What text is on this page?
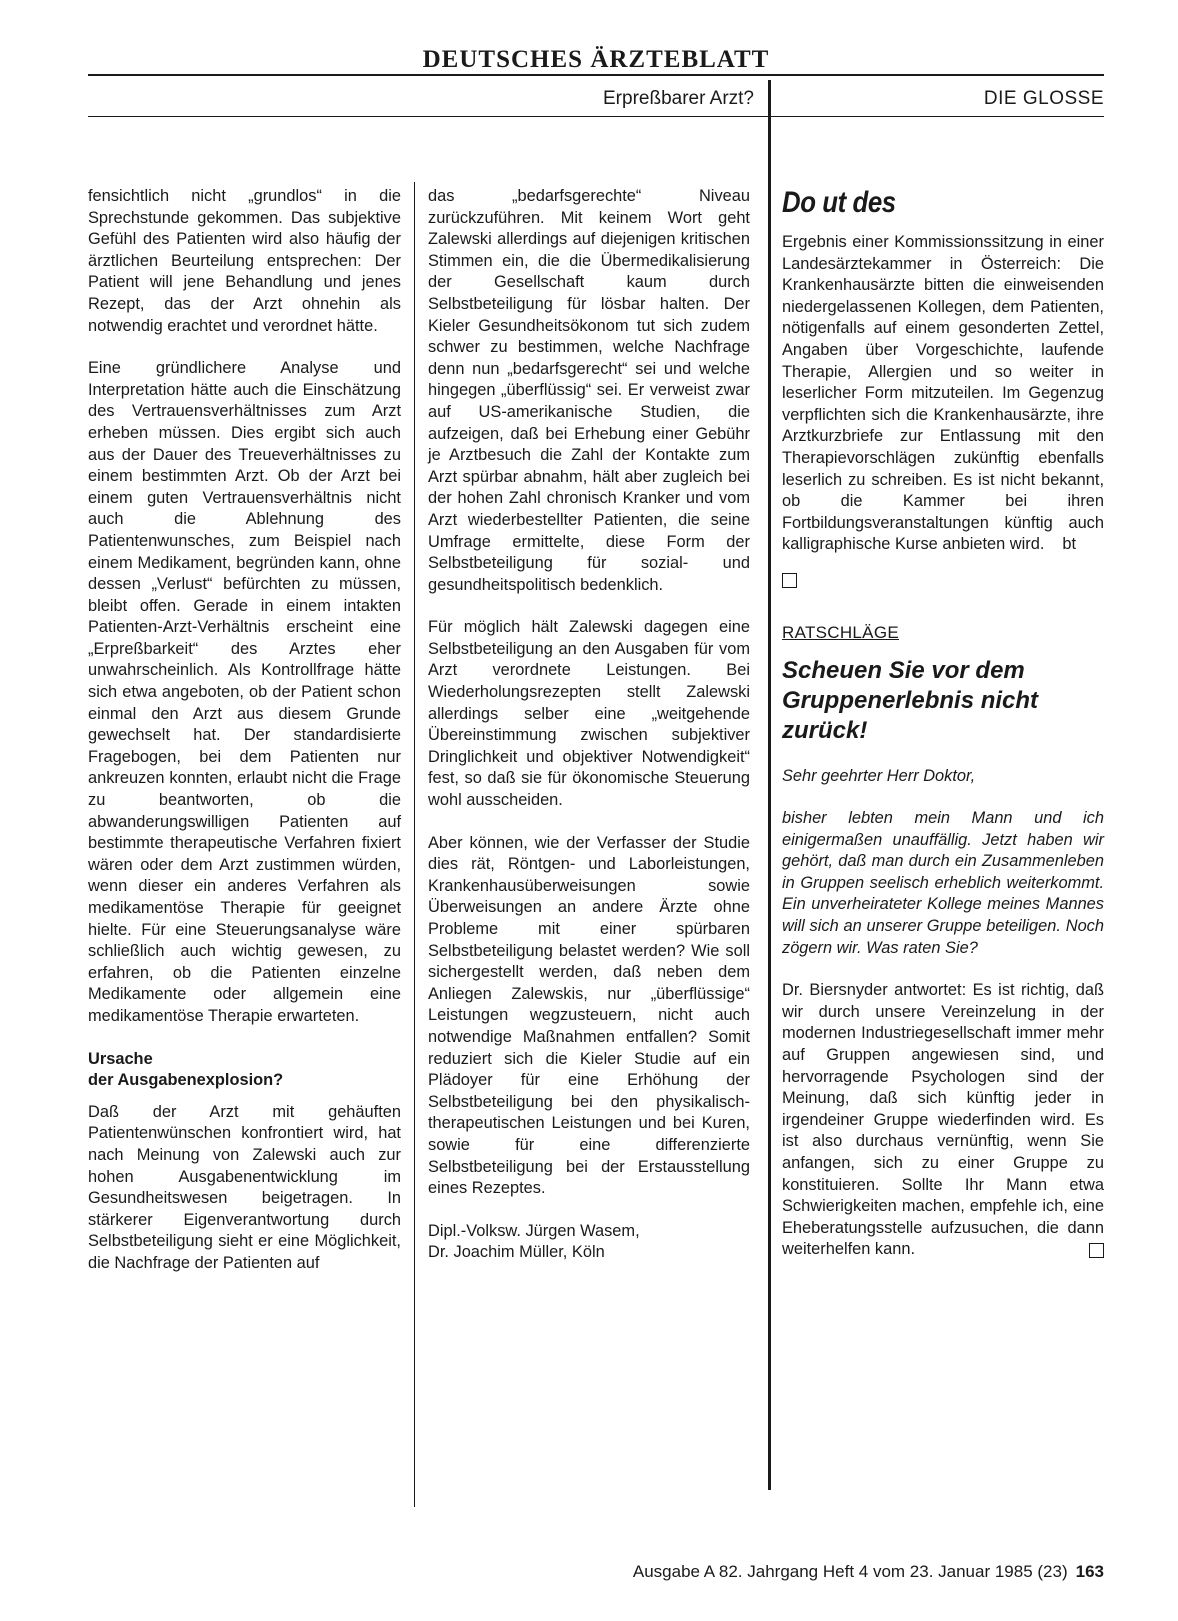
DEUTSCHES ÄRZTEBLATT
Erpreßbarer Arzt?	DIE GLOSSE

fensichtlich nicht „grundlos“ in die Sprechstunde gekommen. Das subjektive Gefühl des Patienten wird also häufig der ärztlichen Beurteilung entsprechen: Der Patient will jene Behandlung und jenes Rezept, das der Arzt ohnehin als notwendig erachtet und verordnet hätte.

Eine gründlichere Analyse und Interpretation hätte auch die Einschätzung des Vertrauensverhältnisses zum Arzt erheben müssen. Dies ergibt sich auch aus der Dauer des Treueverhältnisses zu einem bestimmten Arzt. Ob der Arzt bei einem guten Vertrauensverhältnis nicht auch die Ablehnung des Patientenwunsches, zum Beispiel nach einem Medikament, begründen kann, ohne dessen „Verlust“ befürchten zu müssen, bleibt offen. Gerade in einem intakten Patienten-Arzt-Verhältnis erscheint eine „Erpreßbarkeit“ des Arztes eher unwahrscheinlich. Als Kontrollfrage hätte sich etwa angeboten, ob der Patient schon einmal den Arzt aus diesem Grunde gewechselt hat. Der standardisierte Fragebogen, bei dem Patienten nur ankreuzen konnten, erlaubt nicht die Frage zu beantworten, ob die abwanderungswilligen Patienten auf bestimmte therapeutische Verfahren fixiert wären oder dem Arzt zustimmen würden, wenn dieser ein anderes Verfahren als medikamentöse Therapie für geeignet hielte. Für eine Steuerungsanalyse wäre schließlich auch wichtig gewesen, zu erfahren, ob die Patienten einzelne Medikamente oder allgemein eine medikamentöse Therapie erwarteten.

Ursache
der Ausgabenexplosion?

Daß der Arzt mit gehäuften Patientenwünschen konfrontiert wird, hat nach Meinung von Zalewski auch zur hohen Ausgabenentwicklung im Gesundheitswesen beigetragen. In stärkerer Eigenverantwortung durch Selbstbeteiligung sieht er eine Möglichkeit, die Nachfrage der Patienten auf

das „bedarfsgerechte“ Niveau zurückzuführen. Mit keinem Wort geht Zalewski allerdings auf diejenigen kritischen Stimmen ein, die die Übermedikalisierung der Gesellschaft kaum durch Selbstbeteiligung für lösbar halten. Der Kieler Gesundheitsökonom tut sich zudem schwer zu bestimmen, welche Nachfrage denn nun „bedarfsgerecht“ sei und welche hingegen „überflüssig“ sei. Er verweist zwar auf US-amerikanische Studien, die aufzeigen, daß bei Erhebung einer Gebühr je Arztbesuch die Zahl der Kontakte zum Arzt spürbar abnahm, hält aber zugleich bei der hohen Zahl chronisch Kranker und vom Arzt wiederbestellter Patienten, die seine Umfrage ermittelte, diese Form der Selbstbeteiligung für sozial- und gesundheitspolitisch bedenklich.

Für möglich hält Zalewski dagegen eine Selbstbeteiligung an den Ausgaben für vom Arzt verordnete Leistungen. Bei Wiederholungsrezepten stellt Zalewski allerdings selber eine „weitgehende Übereinstimmung zwischen subjektiver Dringlichkeit und objektiver Notwendigkeit“ fest, so daß sie für ökonomische Steuerung wohl ausscheiden.

Aber können, wie der Verfasser der Studie dies rät, Röntgen- und Laborleistungen, Krankenhausüberweisungen sowie Überweisungen an andere Ärzte ohne Probleme mit einer spürbaren Selbstbeteiligung belastet werden? Wie soll sichergestellt werden, daß neben dem Anliegen Zalewskis, nur „überflüssige“ Leistungen wegzusteuern, nicht auch notwendige Maßnahmen entfallen? Somit reduziert sich die Kieler Studie auf ein Plädoyer für eine Erhöhung der Selbstbeteiligung bei den physikalisch-therapeutischen Leistungen und bei Kuren, sowie für eine differenzierte Selbstbeteiligung bei der Erstausstellung eines Rezeptes.

Dipl.-Volksw. Jürgen Wasem,
Dr. Joachim Müller, Köln
Do ut des

Ergebnis einer Kommissionssitzung in einer Landesärztekammer in Österreich: Die Krankenhausärzte bitten die einweisenden niedergelassenen Kollegen, dem Patienten, nötigenfalls auf einem gesonderten Zettel, Angaben über Vorgeschichte, laufende Therapie, Allergien und so weiter in leserlicher Form mitzuteilen. Im Gegenzug verpflichten sich die Krankenhausärzte, ihre Arztkurzbriefe zur Entlassung mit den Therapievorschlägen zukünftig ebenfalls leserlich zu schreiben. Es ist nicht bekannt, ob die Kammer bei ihren Fortbildungsveranstaltungen künftig auch kalligraphische Kurse anbieten wird. bt

RATSCHLÄGE
Scheuen Sie vor dem Gruppenerlebnis nicht zurück!

Sehr geehrter Herr Doktor,

bisher lebten mein Mann und ich einigermaßen unauffällig. Jetzt haben wir gehört, daß man durch ein Zusammenleben in Gruppen seelisch erheblich weiterkommt. Ein unverheirateter Kollege meines Mannes will sich an unserer Gruppe beteiligen. Noch zögern wir. Was raten Sie?

Dr. Biersnyder antwortet: Es ist richtig, daß wir durch unsere Vereinzelung in der modernen Industriegesellschaft immer mehr auf Gruppen angewiesen sind, und hervorragende Psychologen sind der Meinung, daß sich künftig jeder in irgendeiner Gruppe wiederfinden wird. Es ist also durchaus vernünftig, wenn Sie anfangen, sich zu einer Gruppe zu konstituieren. Sollte Ihr Mann etwa Schwierigkeiten machen, empfehle ich, eine Eheberatungsstelle aufzusuchen, die dann weiterhelfen kann.

Ausgabe A 82. Jahrgang Heft 4 vom 23. Januar 1985 (23) 163
